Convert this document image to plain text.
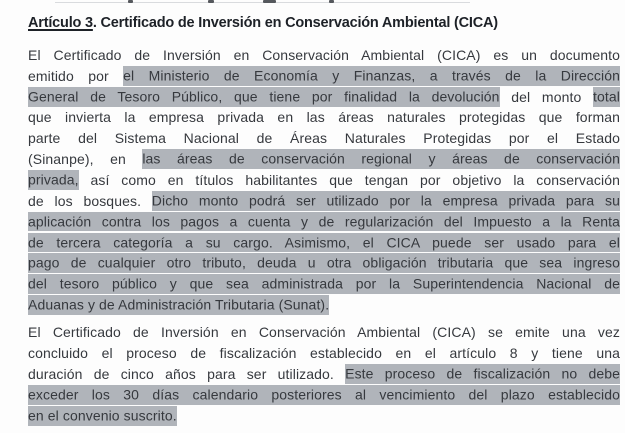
Artículo 3. Certificado de Inversión en Conservación Ambiental (CICA)
El Certificado de Inversión en Conservación Ambiental (CICA) es un documento
emitido por el Ministerio de Economía y Finanzas, a través de la Dirección
General de Tesoro Público, que tiene por finalidad la devolución del monto total
que invierta la empresa privada en las áreas naturales protegidas que forman
parte del Sistema Nacional de Áreas Naturales Protegidas por el Estado
(Sinanpe), en las áreas de conservación regional y áreas de conservación
privada, así como en títulos habilitantes que tengan por objetivo la conservación
de los bosques. Dicho monto podrá ser utilizado por la empresa privada para su
aplicación contra los pagos a cuenta y de regularización del Impuesto a la Renta
de tercera categoría a su cargo. Asimismo, el CICA puede ser usado para el
pago de cualquier otro tributo, deuda u otra obligación tributaria que sea ingreso
del tesoro público y que sea administrada por la Superintendencia Nacional de
Aduanas y de Administración Tributaria (Sunat).
El Certificado de Inversión en Conservación Ambiental (CICA) se emite una vez
concluido el proceso de fiscalización establecido en el artículo 8 y tiene una
duración de cinco años para ser utilizado. Este proceso de fiscalización no debe
exceder los 30 días calendario posteriores al vencimiento del plazo establecido
en el convenio suscrito.
